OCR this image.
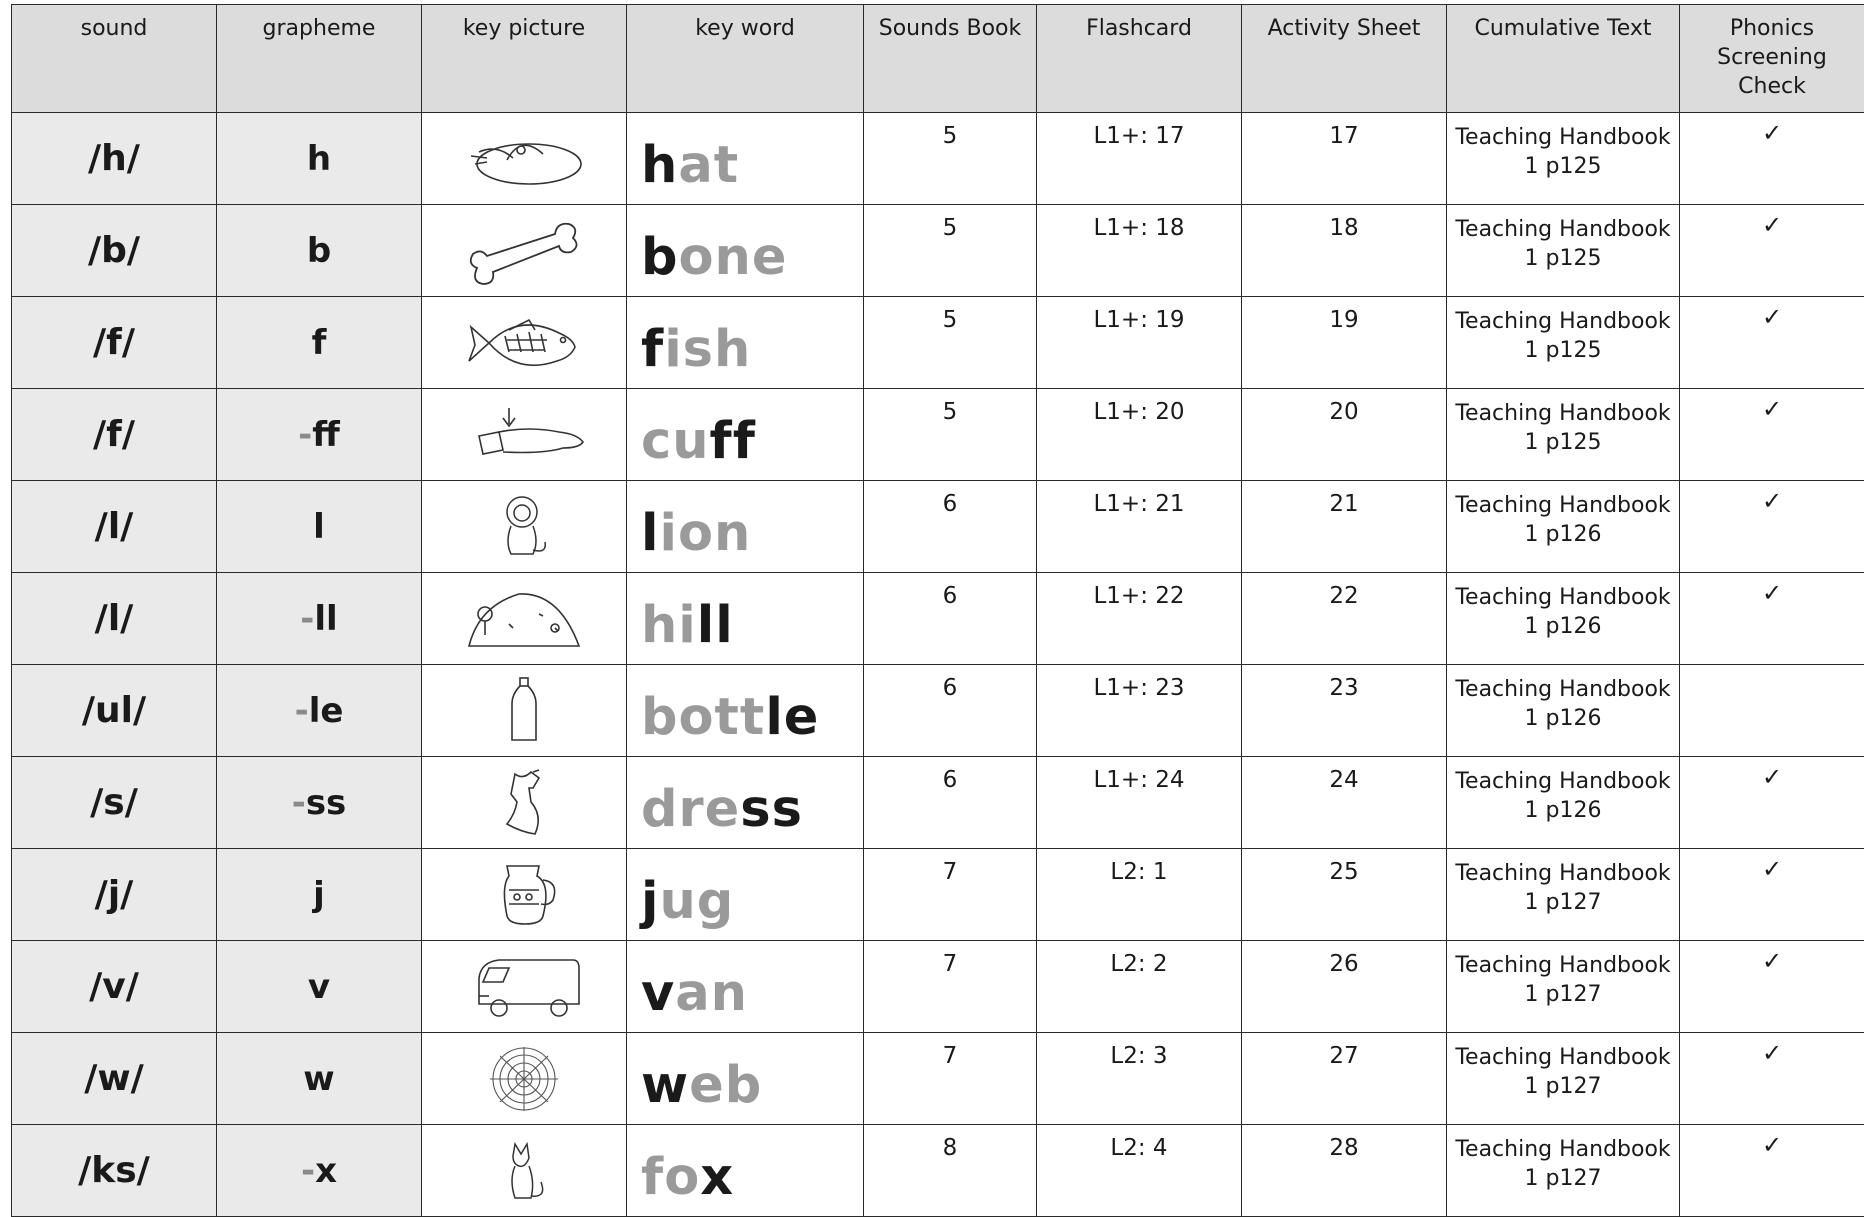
sound	grapheme	key picture	key word	Sounds Book	Flashcard	Activity Sheet	Cumulative Text	Phonics Screening Check
/h/	h		hat	5	L1+: 17	17	Teaching Handbook 1 p125	✓
/b/	b		bone	5	L1+: 18	18	Teaching Handbook 1 p125	✓
/f/	f		fish	5	L1+: 19	19	Teaching Handbook 1 p125	✓
/f/	-ff		cuff	5	L1+: 20	20	Teaching Handbook 1 p125	✓
/l/	l		lion	6	L1+: 21	21	Teaching Handbook 1 p126	✓
/l/	-ll		hill	6	L1+: 22	22	Teaching Handbook 1 p126	✓
/ul/	-le		bottle	6	L1+: 23	23	Teaching Handbook 1 p126	
/s/	-ss		dress	6	L1+: 24	24	Teaching Handbook 1 p126	✓
/j/	j		jug	7	L2: 1	25	Teaching Handbook 1 p127	✓
/v/	v		van	7	L2: 2	26	Teaching Handbook 1 p127	✓
/w/	w		web	7	L2: 3	27	Teaching Handbook 1 p127	✓
/ks/	-x		fox	8	L2: 4	28	Teaching Handbook 1 p127	✓
